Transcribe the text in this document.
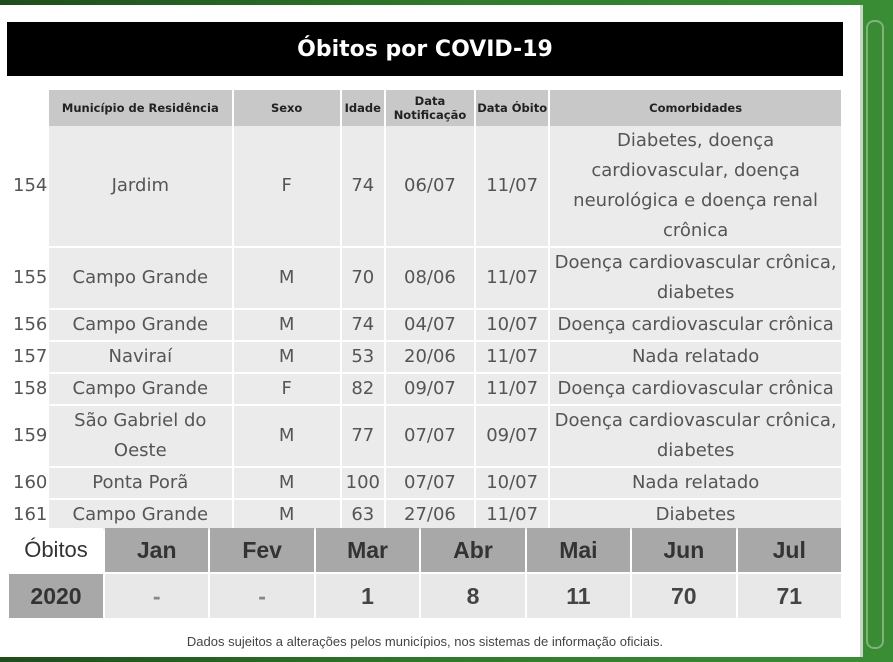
Óbitos por COVID-19
	Município de Residência	Sexo	Idade	Data Notificação	Data Óbito	Comorbidades
154	Jardim	F	74	06/07	11/07	Diabetes, doença cardiovascular, doença neurológica e doença renal crônica
155	Campo Grande	M	70	08/06	11/07	Doença cardiovascular crônica, diabetes
156	Campo Grande	M	74	04/07	10/07	Doença cardiovascular crônica
157	Naviraí	M	53	20/06	11/07	Nada relatado
158	Campo Grande	F	82	09/07	11/07	Doença cardiovascular crônica
159	São Gabriel do Oeste	M	77	07/07	09/07	Doença cardiovascular crônica, diabetes
160	Ponta Porã	M	100	07/07	10/07	Nada relatado
161	Campo Grande	M	63	27/06	11/07	Diabetes
Óbitos	Jan	Fev	Mar	Abr	Mai	Jun	Jul
2020	-	-	1	8	11	70	71
Dados sujeitos a alterações pelos municípios, nos sistemas de informação oficiais.
